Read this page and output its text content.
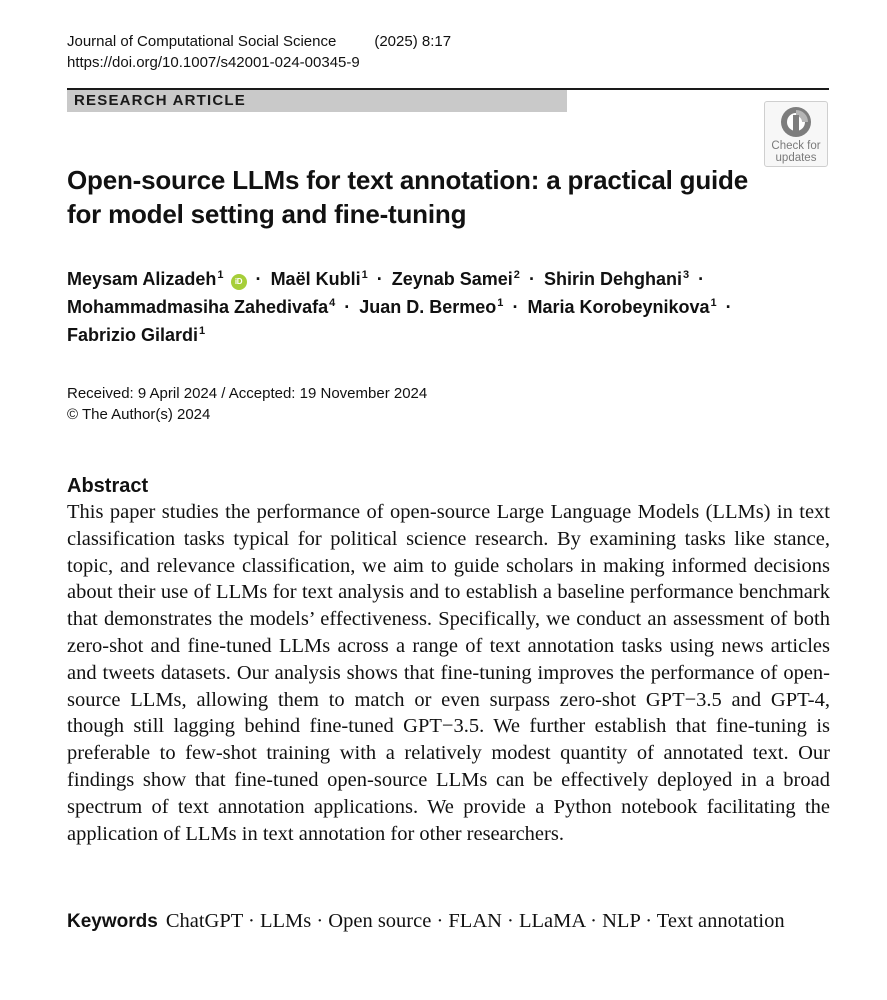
Journal of Computational Social Science	(2025) 8:17
https://doi.org/10.1007/s42001-024-00345-9
RESEARCH ARTICLE
Check for
updates
Open-source LLMs for text annotation: a practical guide
for model setting and fine-tuning
Meysam Alizadeh$^1$ iD · Maël Kubli$^1$ · Zeynab Samei$^2$ · Shirin Dehghani$^3$ ·
Mohammadmasiha Zahedivafa$^4$ · Juan D. Bermeo$^1$ · Maria Korobeynikova$^1$ ·
Fabrizio Gilardi$^1$
Received: 9 April 2024 / Accepted: 19 November 2024
© The Author(s) 2024
Abstract

This paper studies the performance of open-source Large Language Models (LLMs) in text classification tasks typical for political science research. By examining tasks like stance, topic, and relevance classification, we aim to guide scholars in making informed decisions about their use of LLMs for text analysis and to establish a baseline performance benchmark that demonstrates the models’ effectiveness. Specifically, we conduct an assessment of both zero-shot and fine-tuned LLMs across a range of text annotation tasks using news articles and tweets datasets. Our analysis shows that fine-tuning improves the performance of open-source LLMs, allowing them to match or even surpass zero-shot GPT−3.5 and GPT-4, though still lagging behind fine-tuned GPT−3.5. We further establish that fine-tuning is preferable to few-shot training with a relatively modest quantity of annotated text. Our findings show that fine-tuned open-source LLMs can be effectively deployed in a broad spectrum of text annotation applications. We provide a Python notebook facilitating the application of LLMs in text annotation for other researchers.

Keywords ChatGPT · LLMs · Open source · FLAN · LLaMA · NLP · Text annotation
